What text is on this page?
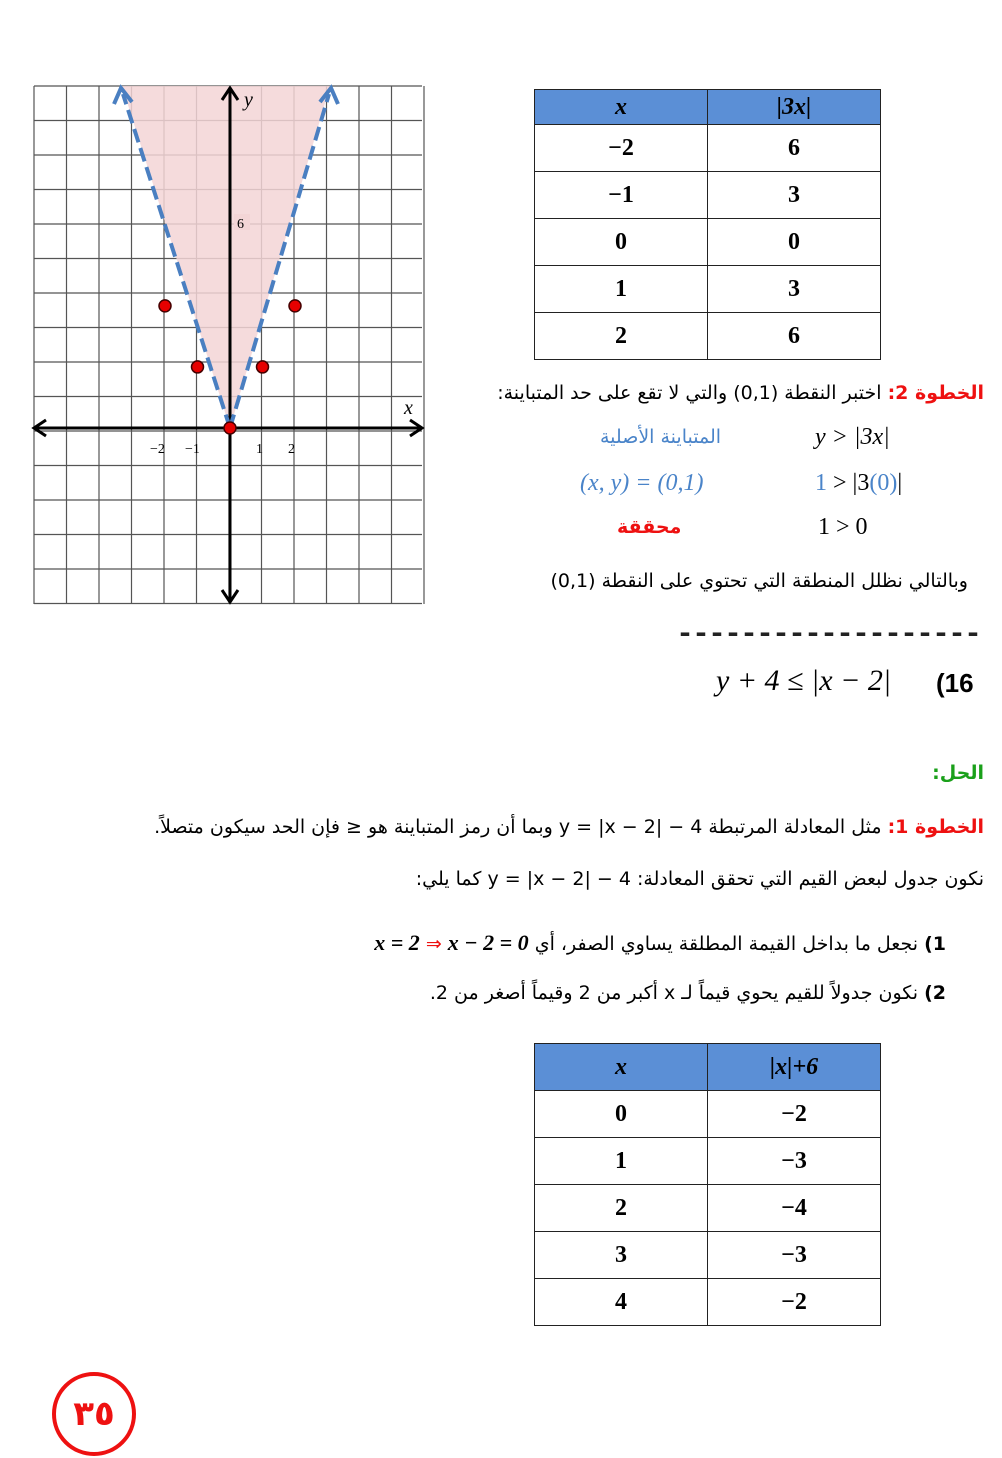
x
y
6
−2 −1	1 2
x	|3x|
−2	6
−1	3
0	0
1	3
2	6
الخطوة 2: اختبر النقطة (0,1) والتي لا تقع على حد المتباينة:
y > |3x|
المتباينة الأصلية
1 > |3(0)|
(x, y) = (0,1)
1 > 0
محققة
وبالتالي نظلل المنطقة التي تحتوي على النقطة (0,1)
-------------------
y + 4 ≤ |x − 2| (16
الحل:
الخطوة 1: مثل المعادلة المرتبطة y = |x − 2| − 4 وبما أن رمز المتباينة هو ≤ فإن الحد سيكون متصلاً.
نكون جدول لبعض القيم التي تحقق المعادلة: y = |x − 2| − 4 كما يلي:
1) نجعل ما بداخل القيمة المطلقة يساوي الصفر، أي x = 2 ⇒ x − 2 = 0
2) نكون جدولاً للقيم يحوي قيماً لـ x أكبر من 2 وقيماً أصغر من 2.
x	|x|+6
0	−2
1	−3
2	−4
3	−3
4	−2
٣٥
